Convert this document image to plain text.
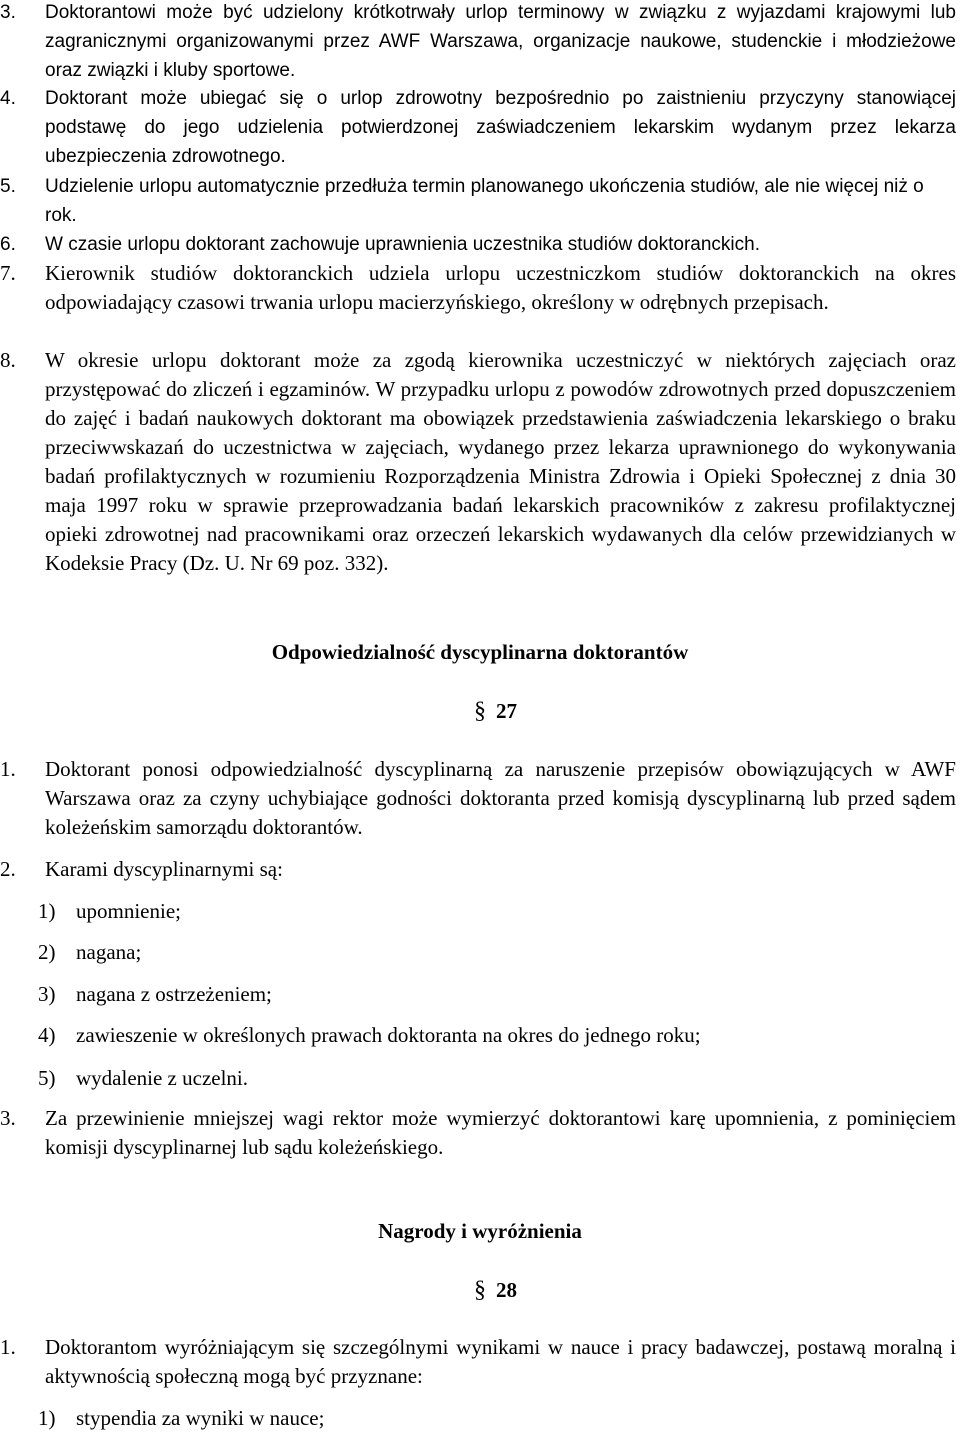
3.	Doktorantowi może być udzielony krótkotrwały urlop terminowy w związku z wyjazdami krajowymi lub zagranicznymi organizowanymi przez AWF Warszawa, organizacje naukowe, studenckie i młodzieżowe oraz związki i kluby sportowe.
4.	Doktorant może ubiegać się o urlop zdrowotny bezpośrednio po zaistnieniu przyczyny stanowiącej podstawę do jego udzielenia potwierdzonej zaświadczeniem lekarskim wydanym przez lekarza ubezpieczenia zdrowotnego.
5.	Udzielenie urlopu automatycznie przedłuża termin planowanego ukończenia studiów, ale nie więcej niż o rok.
6.	W czasie urlopu doktorant zachowuje uprawnienia uczestnika studiów doktoranckich.
7.	Kierownik studiów doktoranckich udziela urlopu uczestniczkom studiów doktoranckich na okres odpowiadający czasowi trwania urlopu macierzyńskiego, określony w odrębnych przepisach.
8.	W okresie urlopu doktorant może za zgodą kierownika uczestniczyć w niektórych zajęciach oraz przystępować do zliczeń i egzaminów. W przypadku urlopu z powodów zdrowotnych przed dopuszczeniem do zajęć i badań naukowych doktorant ma obowiązek przedstawienia zaświadczenia lekarskiego o braku przeciwwskazań do uczestnictwa w zajęciach, wydanego przez lekarza uprawnionego do wykonywania badań profilaktycznych w rozumieniu Rozporządzenia Ministra Zdrowia i Opieki Społecznej z dnia 30 maja 1997 roku w sprawie przeprowadzania badań lekarskich pracowników z zakresu profilaktycznej opieki zdrowotnej nad pracownikami oraz orzeczeń lekarskich wydawanych dla celów przewidzianych w Kodeksie Pracy (Dz. U. Nr 69 poz. 332).
Odpowiedzialność dyscyplinarna doktorantów
§ 27
1.	Doktorant ponosi odpowiedzialność dyscyplinarną za naruszenie przepisów obowiązujących w AWF Warszawa oraz za czyny uchybiające godności doktoranta przed komisją dyscyplinarną lub przed sądem koleżeńskim samorządu doktorantów.
2.	Karami dyscyplinarnymi są:
1) upomnienie;
2) nagana;
3) nagana z ostrzeżeniem;
4) zawieszenie w określonych prawach doktoranta na okres do jednego roku;
5) wydalenie z uczelni.
3.	Za przewinienie mniejszej wagi rektor może wymierzyć doktorantowi karę upomnienia, z pominięciem komisji dyscyplinarnej lub sądu koleżeńskiego.
Nagrody i wyróżnienia
§ 28
1.	Doktorantom wyróżniającym się szczególnymi wynikami w nauce i pracy badawczej, postawą moralną i aktywnością społeczną mogą być przyznane:
1) stypendia za wyniki w nauce;
